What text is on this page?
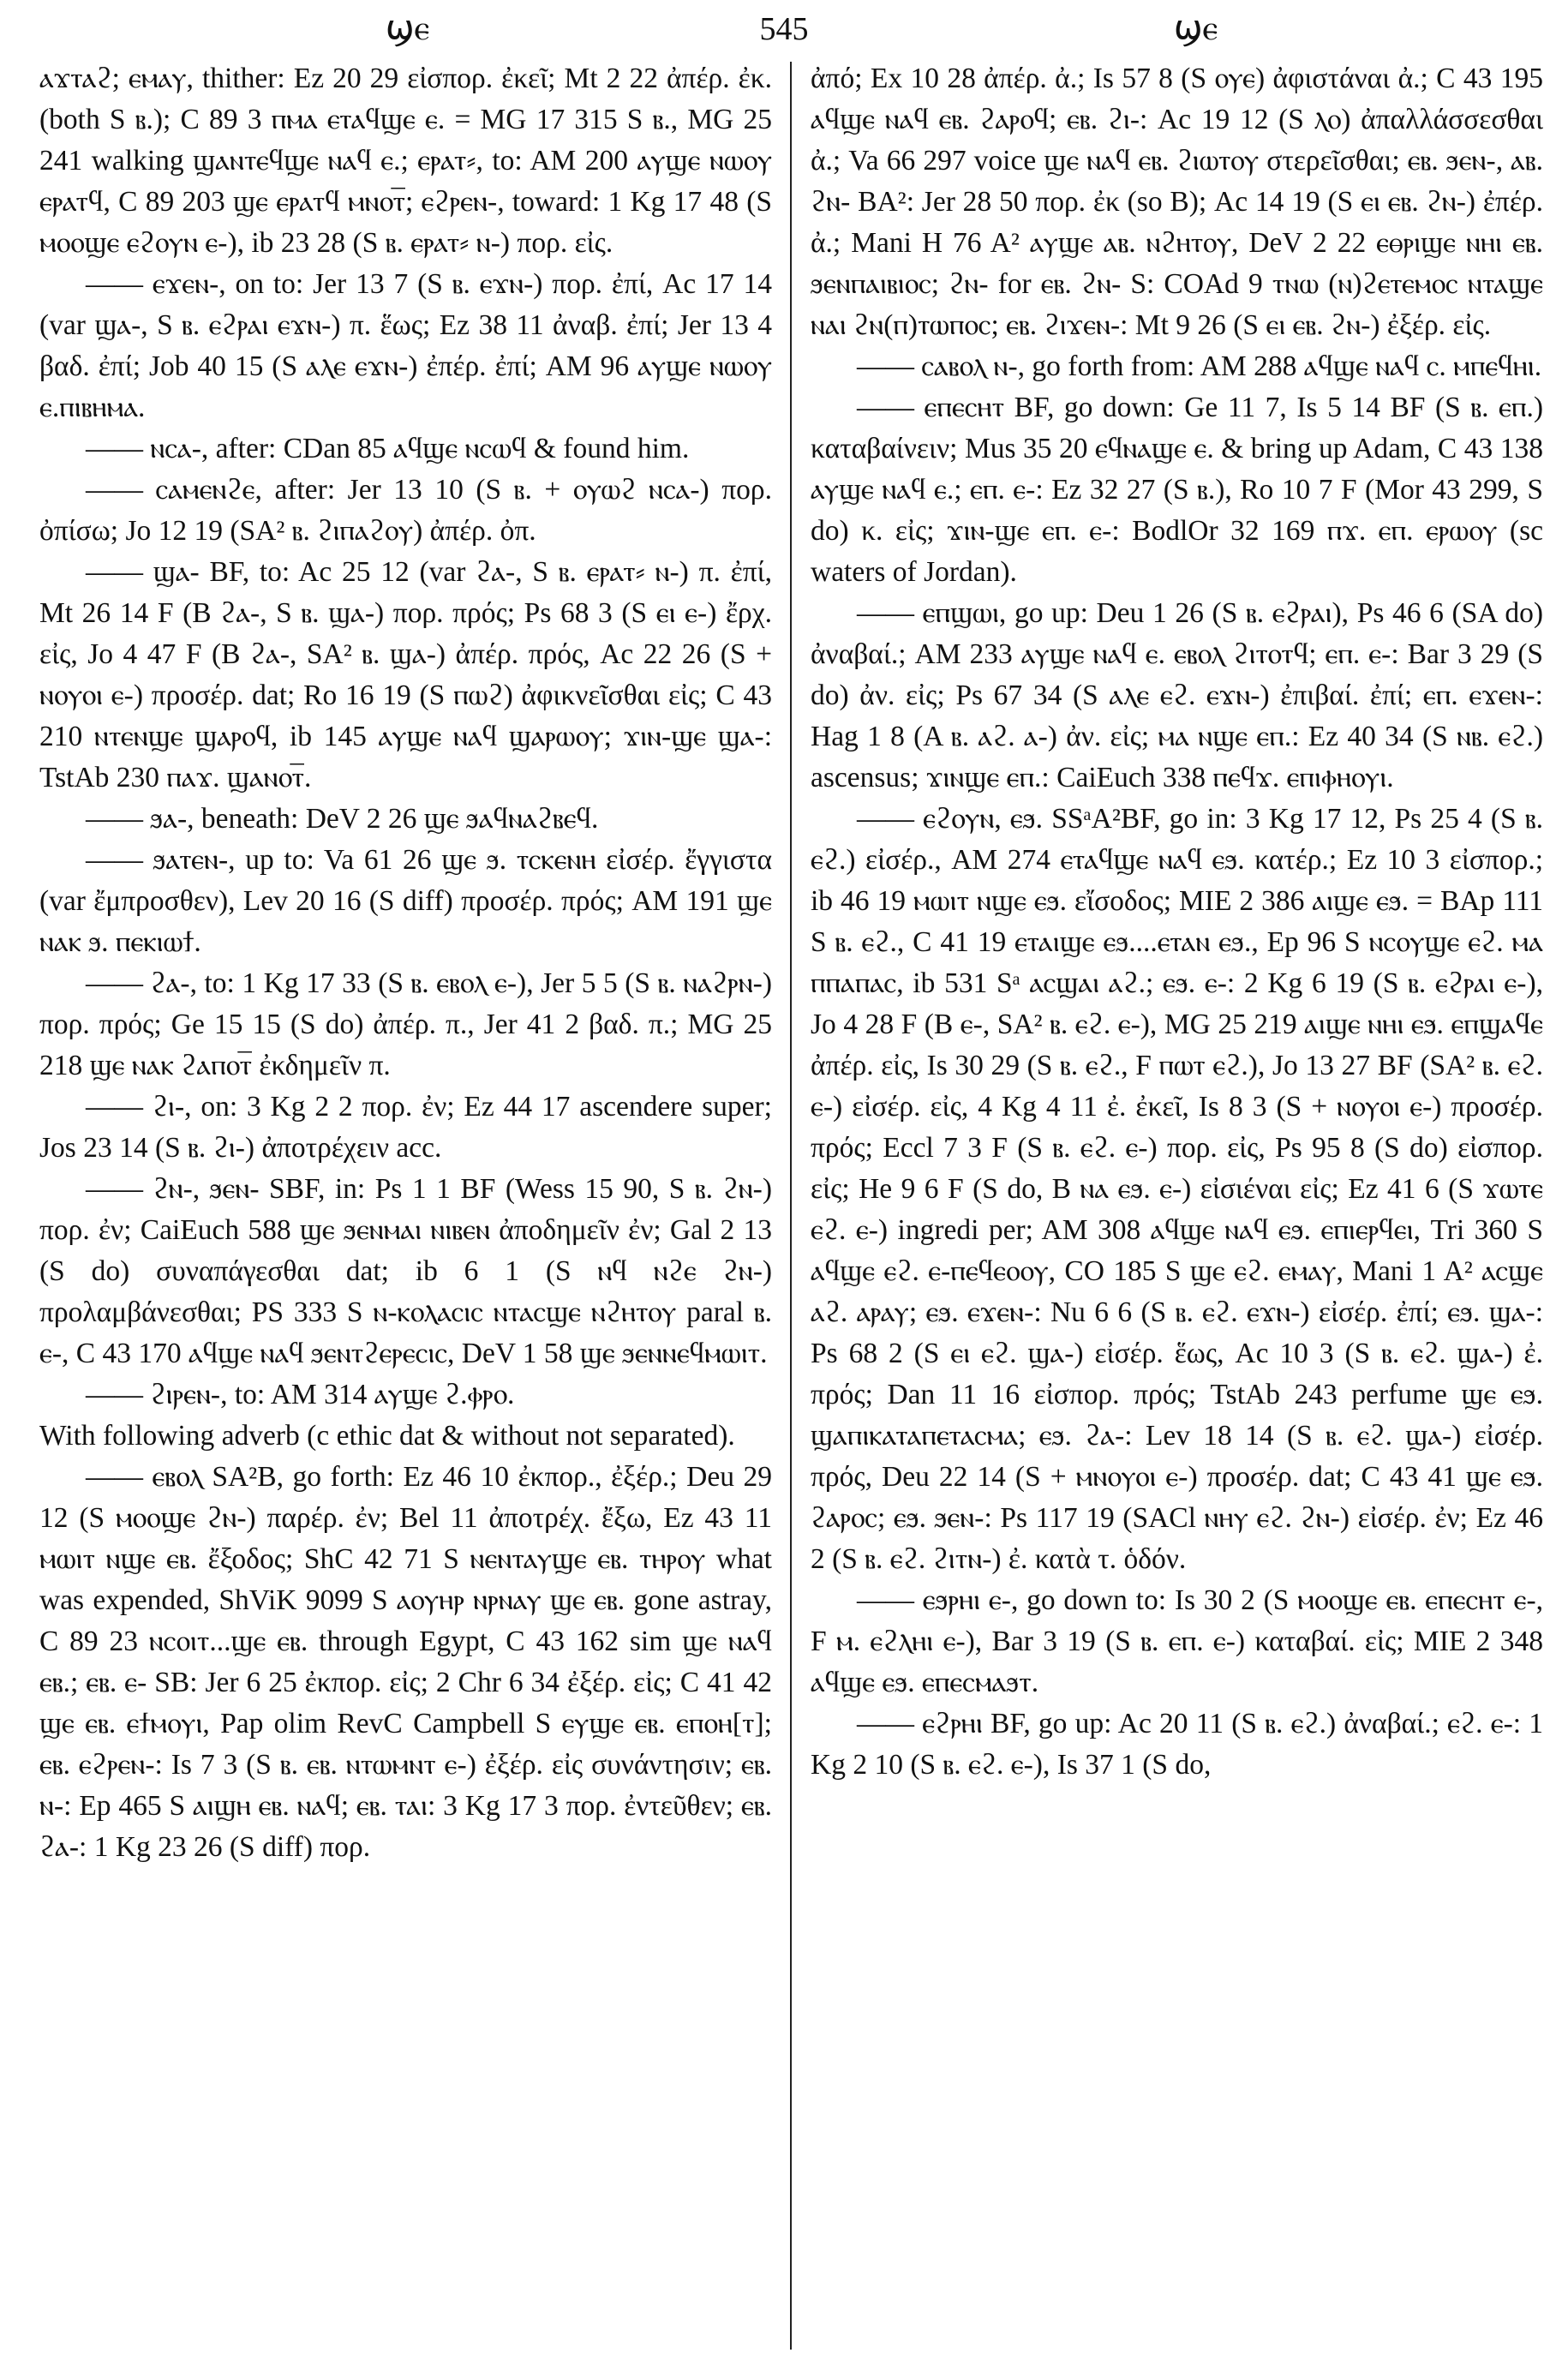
ϣⲉ	545	ϣⲉ

ⲁϫⲧⲁϩ; ⲉⲙⲁⲩ, thither: Ez 20 29 εἰσπορ. ἐκεῖ; Mt 2 22 ἀπέρ. ἐκ. (both S ⲃ.); C 89 3 ⲡⲙⲁ ⲉⲧⲁϥϣⲉ ⲉ. = MG 17 315 S ⲃ., MG 25 241 walking ϣⲁⲛⲧⲉϥϣⲉ ⲛⲁϥ ⲉ.; ⲉⲣⲁⲧ⸗, to: AM 200 ⲁⲩϣⲉ ⲛⲱⲟⲩ ⲉⲣⲁⲧϥ, C 89 203 ϣⲉ ⲉⲣⲁⲧϥ ⲙⲛⲟⲧ̅; ⲉϩⲣⲉⲛ-, toward: 1 Kg 17 48 (S ⲙⲟⲟϣⲉ ⲉϩⲟⲩⲛ ⲉ-), ib 23 28 (S ⲃ. ⲉⲣⲁⲧ⸗ ⲛ-) πορ. εἰς.

—— ⲉϫⲉⲛ-, on to: Jer 13 7 (S ⲃ. ⲉϫⲛ-) πορ. ἐπί, Ac 17 14 (var ϣⲁ-, S ⲃ. ⲉϩⲣⲁⲓ ⲉϫⲛ-) π. ἕως; Ez 38 11 ἀναβ. ἐπί; Jer 13 4 βαδ. ἐπί; Job 40 15 (S ⲁⲗⲉ ⲉϫⲛ-) ἐπέρ. ἐπί; AM 96 ⲁⲩϣⲉ ⲛⲱⲟⲩ ⲉ.ⲡⲓⲃⲏⲙⲁ.

—— ⲛⲥⲁ-, after: CDan 85 ⲁϥϣⲉ ⲛⲥⲱϥ & found him.

—— ⲥⲁⲙⲉⲛϩⲉ, after: Jer 13 10 (S ⲃ. + ⲟⲩⲱϩ ⲛⲥⲁ-) πορ. ὀπίσω; Jo 12 19 (SA² ⲃ. ϩⲓⲡⲁϩⲟⲩ) ἀπέρ. ὀπ.

—— ϣⲁ- BF, to: Ac 25 12 (var ϩⲁ-, S ⲃ. ⲉⲣⲁⲧ⸗ ⲛ-) π. ἐπί, Mt 26 14 F (B ϩⲁ-, S ⲃ. ϣⲁ-) πορ. πρός; Ps 68 3 (S ⲉⲓ ⲉ-) ἔρχ. εἰς, Jo 4 47 F (B ϩⲁ-, SA² ⲃ. ϣⲁ-) ἀπέρ. πρός, Ac 22 26 (S + ⲛⲟⲩⲟⲓ ⲉ-) προσέρ. dat; Ro 16 19 (S ⲡⲱϩ) ἀφικνεῖσθαι εἰς; C 43 210 ⲛⲧⲉⲛϣⲉ ϣⲁⲣⲟϥ, ib 145 ⲁⲩϣⲉ ⲛⲁϥ ϣⲁⲣⲱⲟⲩ; ϫⲓⲛ-ϣⲉ ϣⲁ-: TstAb 230 ⲡⲁϫ. ϣⲁⲛⲟⲧ̅.

—— ϧⲁ-, beneath: DeV 2 26 ϣⲉ ϧⲁϥⲛⲁϩⲃⲉϥ.

—— ϧⲁⲧⲉⲛ-, up to: Va 61 26 ϣⲉ ϧ. ⲧⲥⲕⲉⲛⲏ εἰσέρ. ἔγγιστα (var ἔμπροσθεν), Lev 20 16 (S diff) προσέρ. πρός; AM 191 ϣⲉ ⲛⲁⲕ ϧ. ⲡⲉⲕⲓⲱϯ.

—— ϩⲁ-, to: 1 Kg 17 33 (S ⲃ. ⲉⲃⲟⲗ ⲉ-), Jer 5 5 (S ⲃ. ⲛⲁϩⲣⲛ-) πορ. πρός; Ge 15 15 (S do) ἀπέρ. π., Jer 41 2 βαδ. π.; MG 25 218 ϣⲉ ⲛⲁⲕ ϩⲁⲡⲟⲧ̅ ἐκδημεῖν π.

—— ϩⲓ-, on: 3 Kg 2 2 πορ. ἐν; Ez 44 17 ascendere super; Jos 23 14 (S ⲃ. ϩⲓ-) ἀποτρέχειν acc.

—— ϩⲛ-, ϧⲉⲛ- SBF, in: Ps 1 1 BF (Wess 15 90, S ⲃ. ϩⲛ-) πορ. ἐν; CaiEuch 588 ϣⲉ ϧⲉⲛⲙⲁⲓ ⲛⲓⲃⲉⲛ ἀποδημεῖν ἐν; Gal 2 13 (S do) συναπάγεσθαι dat; ib 6 1 (S ⲛϥ ⲛϩⲉ ϩⲛ-) προλαμβάνεσθαι; PS 333 S ⲛ-ⲕⲟⲗⲁⲥⲓⲥ ⲛⲧⲁⲥϣⲉ ⲛϩⲏⲧⲟⲩ paral ⲃ. ⲉ-, C 43 170 ⲁϥϣⲉ ⲛⲁϥ ϧⲉⲛⲧϩⲉⲣⲉⲥⲓⲥ, DeV 1 58 ϣⲉ ϧⲉⲛⲛⲉϥⲙⲱⲓⲧ.

—— ϩⲓⲣⲉⲛ-, to: AM 314 ⲁⲩϣⲉ ϩ.ⲫⲣⲟ.

With following adverb (c ethic dat & without not separated).

—— ⲉⲃⲟⲗ SA²B, go forth: Ez 46 10 ἐκπορ., ἐξέρ.; Deu 29 12 (S ⲙⲟⲟϣⲉ ϩⲛ-) παρέρ. ἐν; Bel 11 ἀποτρέχ. ἔξω, Ez 43 11 ⲙⲱⲓⲧ ⲛϣⲉ ⲉⲃ. ἔξοδος; ShC 42 71 S ⲛⲉⲛⲧⲁⲩϣⲉ ⲉⲃ. ⲧⲏⲣⲟⲩ what was expended, ShViK 9099 S ⲁⲟⲩⲏⲣ ⲛⲣⲛⲁⲩ ϣⲉ ⲉⲃ. gone astray, C 89 23 ⲛⲥⲟⲓⲧ...ϣⲉ ⲉⲃ. through Egypt, C 43 162 sim ϣⲉ ⲛⲁϥ ⲉⲃ.; ⲉⲃ. ⲉ- SB: Jer 6 25 ἐκπορ. εἰς; 2 Chr 6 34 ἐξέρ. εἰς; C 41 42 ϣⲉ ⲉⲃ. ⲉϯⲙⲟⲩⲓ, Pap olim RevC Campbell S ⲉⲩϣⲉ ⲉⲃ. ⲉⲡⲟⲏ[ⲧ]; ⲉⲃ. ⲉϩⲣⲉⲛ-: Is 7 3 (S ⲃ. ⲉⲃ. ⲛⲧⲱⲙⲛⲧ ⲉ-) ἐξέρ. εἰς συνάντησιν; ⲉⲃ. ⲛ-: Ep 465 S ⲁⲓϣⲏ ⲉⲃ. ⲛⲁϥ; ⲉⲃ. ⲧⲁⲓ: 3 Kg 17 3 πορ. ἐντεῦθεν; ⲉⲃ. ϩⲁ-: 1 Kg 23 26 (S diff) πορ.

ἀπό; Ex 10 28 ἀπέρ. ἀ.; Is 57 8 (S ⲟⲩⲉ) ἀφιστάναι ἀ.; C 43 195 ⲁϥϣⲉ ⲛⲁϥ ⲉⲃ. ϩⲁⲣⲟϥ; ⲉⲃ. ϩⲓ-: Ac 19 12 (S ⲗⲟ) ἀπαλλάσσεσθαι ἀ.; Va 66 297 voice ϣⲉ ⲛⲁϥ ⲉⲃ. ϩⲓⲱⲧⲟⲩ στερεῖσθαι; ⲉⲃ. ϧⲉⲛ-, ⲁⲃ. ϩⲛ- BA²: Jer 28 50 πορ. ἐκ (so B); Ac 14 19 (S ⲉⲓ ⲉⲃ. ϩⲛ-) ἐπέρ. ἀ.; Mani H 76 A² ⲁⲩϣⲉ ⲁⲃ. ⲛϩⲏⲧⲟⲩ, DeV 2 22 ⲉⲑⲣⲓϣⲉ ⲛⲏⲓ ⲉⲃ. ϧⲉⲛⲡⲁⲓⲃⲓⲟⲥ; ϩⲛ- for ⲉⲃ. ϩⲛ- S: COAd 9 ⲧⲛⲱ (ⲛ)ϩⲉⲧⲉⲙⲟⲥ ⲛⲧⲁϣⲉ ⲛⲁⲓ ϩⲛ(ⲡ)ⲧⲱⲡⲟⲥ; ⲉⲃ. ϩⲓϫⲉⲛ-: Mt 9 26 (S ⲉⲓ ⲉⲃ. ϩⲛ-) ἐξέρ. εἰς.

—— ⲥⲁⲃⲟⲗ ⲛ-, go forth from: AM 288 ⲁϥϣⲉ ⲛⲁϥ ⲥ. ⲙⲡⲉϥⲏⲓ.

—— ⲉⲡⲉⲥⲏⲧ BF, go down: Ge 11 7, Is 5 14 BF (S ⲃ. ⲉⲡ.) καταβαίνειν; Mus 35 20 ⲉϥⲛⲁϣⲉ ⲉ. & bring up Adam, C 43 138 ⲁⲩϣⲉ ⲛⲁϥ ⲉ.; ⲉⲡ. ⲉ-: Ez 32 27 (S ⲃ.), Ro 10 7 F (Mor 43 299, S do) κ. εἰς; ϫⲓⲛ-ϣⲉ ⲉⲡ. ⲉ-: BodlOr 32 169 ⲡϫ. ⲉⲡ. ⲉⲣⲱⲟⲩ (sc waters of Jordan).

—— ⲉⲡϣⲱⲓ, go up: Deu 1 26 (S ⲃ. ⲉϩⲣⲁⲓ), Ps 46 6 (SA do) ἀναβαί.; AM 233 ⲁⲩϣⲉ ⲛⲁϥ ⲉ. ⲉⲃⲟⲗ ϩⲓⲧⲟⲧϥ; ⲉⲡ. ⲉ-: Bar 3 29 (S do) ἀν. εἰς; Ps 67 34 (S ⲁⲗⲉ ⲉϩ. ⲉϫⲛ-) ἐπιβαί. ἐπί; ⲉⲡ. ⲉϫⲉⲛ-: Hag 1 8 (A ⲃ. ⲁϩ. ⲁ-) ἀν. εἰς; ⲙⲁ ⲛϣⲉ ⲉⲡ.: Ez 40 34 (S ⲛⲃ. ⲉϩ.) ascensus; ϫⲓⲛϣⲉ ⲉⲡ.: CaiEuch 338 ⲡⲉϥϫ. ⲉⲡⲓⲫⲏⲟⲩⲓ.

—— ⲉϩⲟⲩⲛ, ⲉϧ. SSᵃA²BF, go in: 3 Kg 17 12, Ps 25 4 (S ⲃ. ⲉϩ.) εἰσέρ., AM 274 ⲉⲧⲁϥϣⲉ ⲛⲁϥ ⲉϧ. κατέρ.; Ez 10 3 εἰσπορ.; ib 46 19 ⲙⲱⲓⲧ ⲛϣⲉ ⲉϧ. εἴσοδος; MIE 2 386 ⲁⲓϣⲉ ⲉϧ. = BAp 111 S ⲃ. ⲉϩ., C 41 19 ⲉⲧⲁⲓϣⲉ ⲉϧ....ⲉⲧⲁⲛ ⲉϧ., Ep 96 S ⲛⲥⲟⲩϣⲉ ⲉϩ. ⲙⲁ ⲡⲡⲁⲡⲁⲥ, ib 531 Sᵃ ⲁⲥϣⲁⲓ ⲁϩ.; ⲉϧ. ⲉ-: 2 Kg 6 19 (S ⲃ. ⲉϩⲣⲁⲓ ⲉ-), Jo 4 28 F (B ⲉ-, SA² ⲃ. ⲉϩ. ⲉ-), MG 25 219 ⲁⲓϣⲉ ⲛⲏⲓ ⲉϧ. ⲉⲡϣⲁϥⲉ ἀπέρ. εἰς, Is 30 29 (S ⲃ. ⲉϩ., F ⲡⲱⲧ ⲉϩ.), Jo 13 27 BF (SA² ⲃ. ⲉϩ. ⲉ-) εἰσέρ. εἰς, 4 Kg 4 11 ἐ. ἐκεῖ, Is 8 3 (S + ⲛⲟⲩⲟⲓ ⲉ-) προσέρ. πρός; Eccl 7 3 F (S ⲃ. ⲉϩ. ⲉ-) πορ. εἰς, Ps 95 8 (S do) εἰσπορ. εἰς; He 9 6 F (S do, B ⲛⲁ ⲉϧ. ⲉ-) εἰσιέναι εἰς; Ez 41 6 (S ϫⲱⲧⲉ ⲉϩ. ⲉ-) ingredi per; AM 308 ⲁϥϣⲉ ⲛⲁϥ ⲉϧ. ⲉⲡⲓⲉⲣϥⲉⲓ, Tri 360 S ⲁϥϣⲉ ⲉϩ. ⲉ-ⲡⲉϥⲉⲟⲟⲩ, CO 185 S ϣⲉ ⲉϩ. ⲉⲙⲁⲩ, Mani 1 A² ⲁⲥϣⲉ ⲁϩ. ⲁⲣⲁⲩ; ⲉϧ. ⲉϫⲉⲛ-: Nu 6 6 (S ⲃ. ⲉϩ. ⲉϫⲛ-) εἰσέρ. ἐπί; ⲉϧ. ϣⲁ-: Ps 68 2 (S ⲉⲓ ⲉϩ. ϣⲁ-) εἰσέρ. ἕως, Ac 10 3 (S ⲃ. ⲉϩ. ϣⲁ-) ἐ. πρός; Dan 11 16 εἰσπορ. πρός; TstAb 243 perfume ϣⲉ ⲉϧ. ϣⲁⲡⲓⲕⲁⲧⲁⲡⲉⲧⲁⲥⲙⲁ; ⲉϧ. ϩⲁ-: Lev 18 14 (S ⲃ. ⲉϩ. ϣⲁ-) εἰσέρ. πρός, Deu 22 14 (S + ⲙⲛⲟⲩⲟⲓ ⲉ-) προσέρ. dat; C 43 41 ϣⲉ ⲉϧ. ϩⲁⲣⲟⲥ; ⲉϧ. ϧⲉⲛ-: Ps 117 19 (SACl ⲛⲏⲩ ⲉϩ. ϩⲛ-) εἰσέρ. ἐν; Ez 46 2 (S ⲃ. ⲉϩ. ϩⲓⲧⲛ-) ἐ. κατὰ τ. ὁδόν.

—— ⲉϧⲣⲏⲓ ⲉ-, go down to: Is 30 2 (S ⲙⲟⲟϣⲉ ⲉⲃ. ⲉⲡⲉⲥⲏⲧ ⲉ-, F ⲙ. ⲉϩⲗⲏⲓ ⲉ-), Bar 3 19 (S ⲃ. ⲉⲡ. ⲉ-) καταβαί. εἰς; MIE 2 348 ⲁϥϣⲉ ⲉϧ. ⲉⲡⲉⲥⲙⲁϧⲧ.

—— ⲉϩⲣⲏⲓ BF, go up: Ac 20 11 (S ⲃ. ⲉϩ.) ἀναβαί.; ⲉϩ. ⲉ-: 1 Kg 2 10 (S ⲃ. ⲉϩ. ⲉ-), Is 37 1 (S do,
